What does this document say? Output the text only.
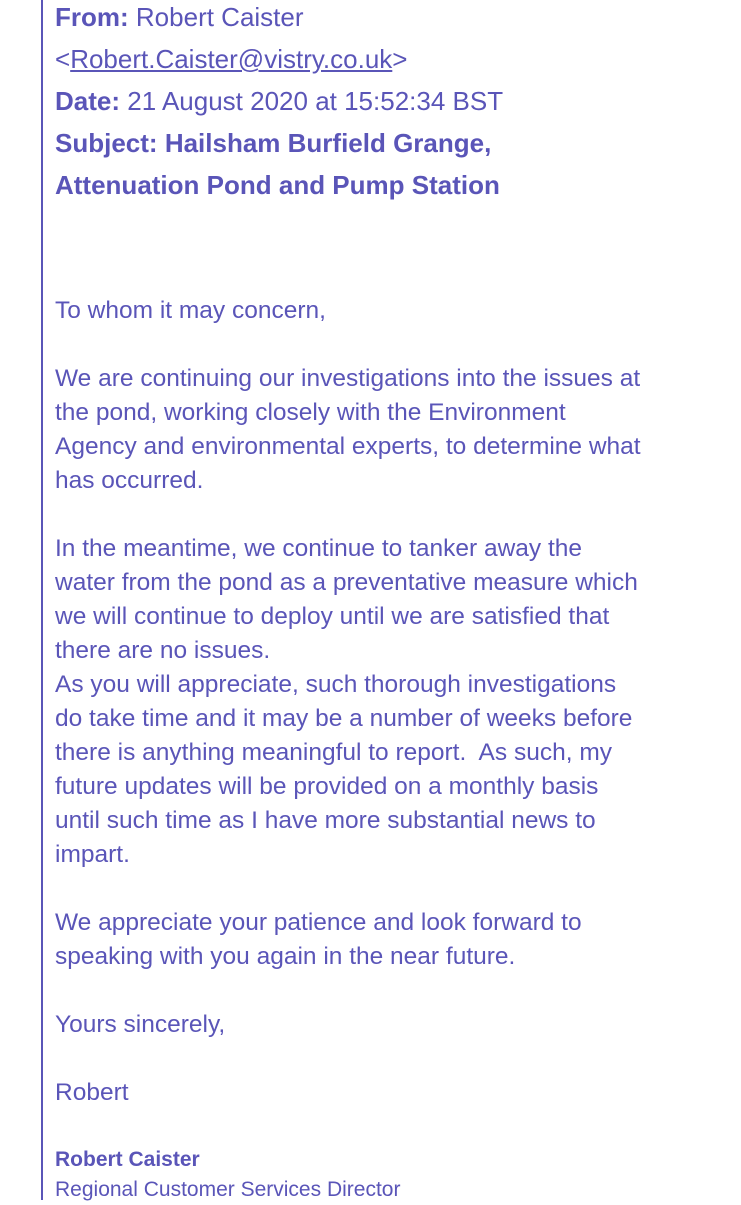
From: Robert Caister
<Robert.Caister@vistry.co.uk>
Date: 21 August 2020 at 15:52:34 BST
Subject: Hailsham Burfield Grange,
Attenuation Pond and Pump Station

To whom it may concern,

We are continuing our investigations into the issues at

the pond, working closely with the Environment

Agency and environmental experts, to determine what

has occurred.

In the meantime, we continue to tanker away the

water from the pond as a preventative measure which

we will continue to deploy until we are satisfied that

there are no issues.

As you will appreciate, such thorough investigations

do take time and it may be a number of weeks before

there is anything meaningful to report.  As such, my

future updates will be provided on a monthly basis

until such time as I have more substantial news to

impart.

We appreciate your patience and look forward to

speaking with you again in the near future.

Yours sincerely,

Robert

Robert Caister
Regional Customer Services Director
